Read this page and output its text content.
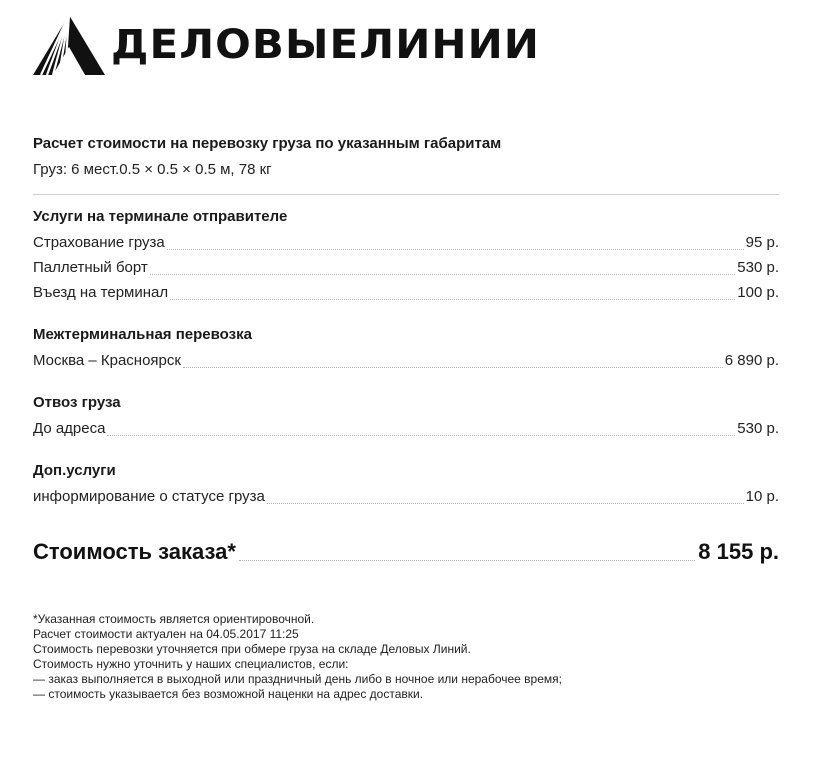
ДЕЛОВЫЕЛИНИИ
Расчет стоимости на перевозку груза по указанным габаритам
Груз: 6 мест.0.5 × 0.5 × 0.5 м, 78 кг
Услуги на терминале отправителе
Страхование груза	95 р.
Паллетный борт	530 р.
Въезд на терминал	100 р.
Межтерминальная перевозка
Москва – Красноярск	6 890 р.
Отвоз груза
До адреса	530 р.
Доп.услуги
информирование о статусе груза	10 р.
Стоимость заказа*	8 155 р.
*Указанная стоимость является ориентировочной.
Расчет стоимости актуален на 04.05.2017 11:25
Стоимость перевозки уточняется при обмере груза на складе Деловых Линий.
Стоимость нужно уточнить у наших специалистов, если:
— заказ выполняется в выходной или праздничный день либо в ночное или нерабочее время;
— стоимость указывается без возможной наценки на адрес доставки.
